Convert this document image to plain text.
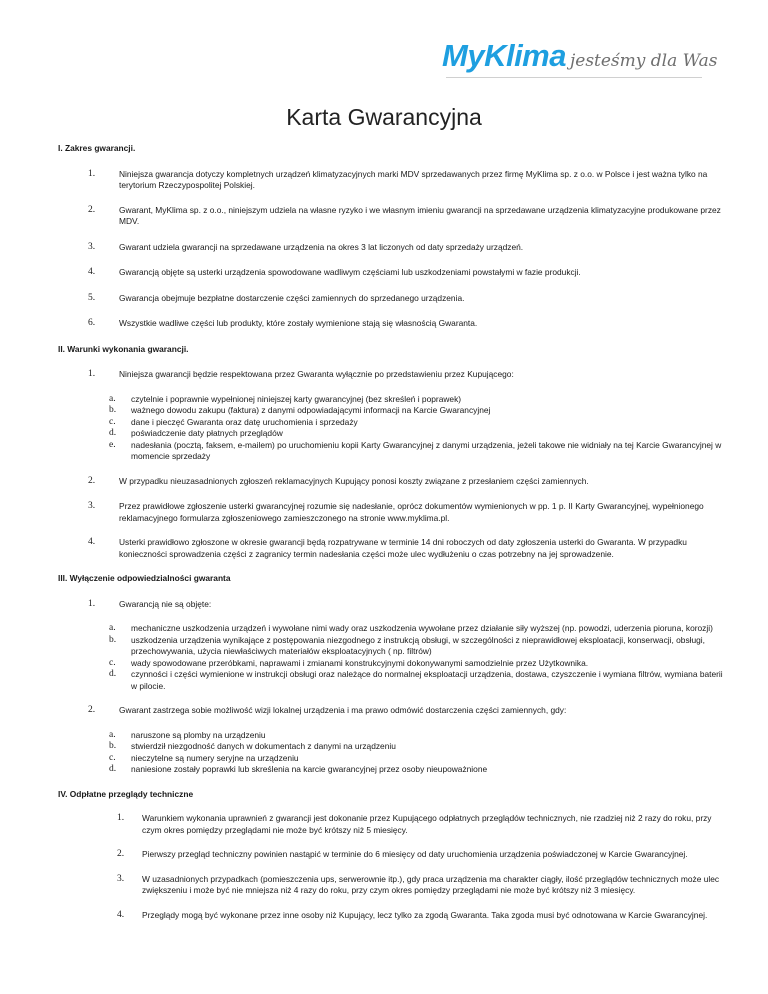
MyKlima jesteśmy dla Was
Karta Gwarancyjna

I. Zakres gwarancji.

1.	Niniejsza gwarancja dotyczy kompletnych urządzeń klimatyzacyjnych marki MDV sprzedawanych przez firmę MyKlima sp. z o.o. w Polsce i jest ważna tylko na terytorium Rzeczypospolitej Polskiej.

2.	Gwarant, MyKlima sp. z o.o., niniejszym udziela na własne ryzyko i we własnym imieniu gwarancji na sprzedawane urządzenia klimatyzacyjne produkowane przez MDV.

3.	Gwarant udziela gwarancji na sprzedawane urządzenia na okres 3 lat liczonych od daty sprzedaży urządzeń.

4.	Gwarancją objęte są usterki urządzenia spowodowane wadliwym częściami lub uszkodzeniami powstałymi w fazie produkcji.

5.	Gwarancja obejmuje bezpłatne dostarczenie części zamiennych do sprzedanego urządzenia.

6.	Wszystkie wadliwe części lub produkty, które zostały wymienione stają się własnością Gwaranta.

II. Warunki wykonania gwarancji.

1.	Niniejsza gwarancji będzie respektowana przez Gwaranta wyłącznie po przedstawieniu przez Kupującego:

a. czytelnie i poprawnie wypełnionej niniejszej karty gwarancyjnej (bez skreśleń i poprawek)

b. ważnego dowodu zakupu (faktura) z danymi odpowiadającymi informacji na Karcie Gwarancyjnej

c. dane i pieczęć Gwaranta oraz datę uruchomienia i sprzedaży

d. poświadczenie daty płatnych przeglądów

e. nadesłania (pocztą, faksem, e-mailem) po uruchomieniu kopii Karty Gwarancyjnej z danymi urządzenia, jeżeli takowe nie widniały na tej Karcie Gwarancyjnej w momencie sprzedaży

2.	W przypadku nieuzasadnionych zgłoszeń reklamacyjnych Kupujący ponosi koszty związane z przesłaniem części zamiennych.

3.	Przez prawidłowe zgłoszenie usterki gwarancyjnej rozumie się nadesłanie, oprócz dokumentów wymienionych w pp. 1 p. II Karty Gwarancyjnej, wypełnionego reklamacyjnego formularza zgłoszeniowego zamieszczonego na stronie www.myklima.pl.

4.	Usterki prawidłowo zgłoszone w okresie gwarancji będą rozpatrywane w terminie 14 dni roboczych od daty zgłoszenia usterki do Gwaranta. W przypadku konieczności sprowadzenia części z zagranicy termin nadesłania części może ulec wydłużeniu o czas potrzebny na jej sprowadzenie.

III. Wyłączenie odpowiedzialności gwaranta

1.	Gwarancją nie są objęte:

a. mechaniczne uszkodzenia urządzeń i wywołane nimi wady oraz uszkodzenia wywołane przez działanie siły wyższej (np. powodzi, uderzenia pioruna, korozji)

b. uszkodzenia urządzenia wynikające z postępowania niezgodnego z instrukcją obsługi, w szczególności z nieprawidłowej eksploatacji, konserwacji, obsługi, przechowywania, użycia niewłaściwych materiałów eksploatacyjnych ( np. filtrów)

c. wady spowodowane przeróbkami, naprawami i zmianami konstrukcyjnymi dokonywanymi samodzielnie przez Użytkownika.

d. czynności i części wymienione w instrukcji obsługi oraz należące do normalnej eksploatacji urządzenia, dostawa, czyszczenie i wymiana filtrów, wymiana baterii w pilocie.

2.	Gwarant zastrzega sobie możliwość wizji lokalnej urządzenia i ma prawo odmówić dostarczenia części zamiennych, gdy:

a. naruszone są plomby na urządzeniu

b. stwierdził niezgodność danych w dokumentach z danymi na urządzeniu

c. nieczytelne są numery seryjne na urządzeniu

d. naniesione zostały poprawki lub skreślenia na karcie gwarancyjnej przez osoby nieupoważnione

IV. Odpłatne przeglądy techniczne

1. Warunkiem wykonania uprawnień z gwarancji jest dokonanie przez Kupującego odpłatnych przeglądów technicznych, nie rzadziej niż 2 razy do roku, przy czym okres pomiędzy przeglądami nie może być krótszy niż 5 miesięcy.

2. Pierwszy przegląd techniczny powinien nastąpić w terminie do 6 miesięcy od daty uruchomienia urządzenia poświadczonej w Karcie Gwarancyjnej.

3. W uzasadnionych przypadkach (pomieszczenia ups, serwerownie itp.), gdy praca urządzenia ma charakter ciągły, ilość przeglądów technicznych może ulec zwiększeniu i może być nie mniejsza niż 4 razy do roku, przy czym okres pomiędzy przeglądami nie może być krótszy niż 3 miesięcy.

4. Przeglądy mogą być wykonane przez inne osoby niż Kupujący, lecz tylko za zgodą Gwaranta. Taka zgoda musi być odnotowana w Karcie Gwarancyjnej.
